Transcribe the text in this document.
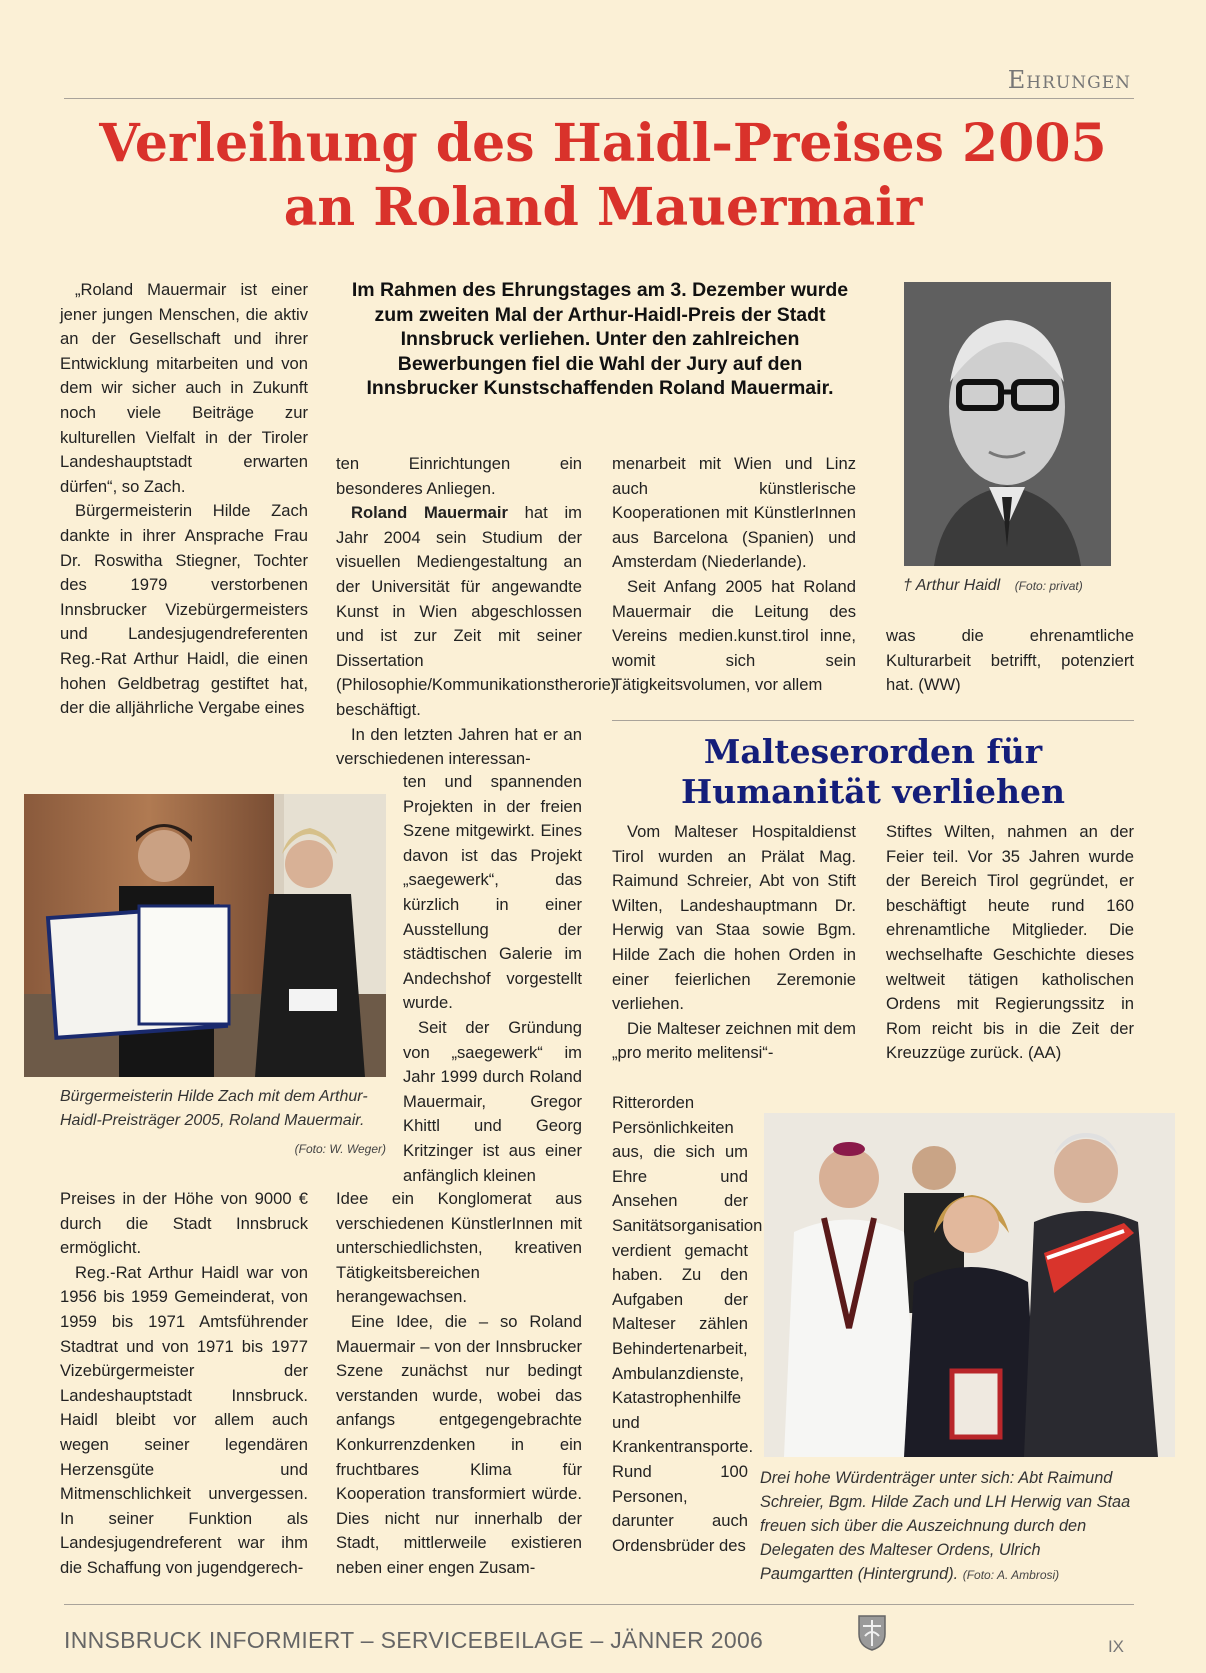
Ehrungen
Verleihung des Haidl-Preises 2005
an Roland Mauermair
Im Rahmen des Ehrungstages am 3. Dezember wurde zum zweiten Mal der Arthur-Haidl-Preis der Stadt Innsbruck verliehen. Unter den zahlreichen Bewerbungen fiel die Wahl der Jury auf den Innsbrucker Kunstschaffenden Roland Mauermair.

„Roland Mauermair ist einer jener jungen Menschen, die aktiv an der Gesellschaft und ihrer Entwicklung mitarbeiten und von dem wir sicher auch in Zukunft noch viele Beiträge zur kulturellen Vielfalt in der Tiroler Landeshauptstadt erwarten dürfen“, so Zach.

Bürgermeisterin Hilde Zach dankte in ihrer Ansprache Frau Dr. Roswitha Stiegner, Tochter des 1979 verstorbenen Innsbrucker Vizebürgermeisters und Landesjugendreferenten Reg.-Rat Arthur Haidl, die einen hohen Geldbetrag gestiftet hat, der die alljährliche Vergabe eines

Bürgermeisterin Hilde Zach mit dem Arthur-Haidl-Preisträger 2005, Roland Mauermair.
(Foto: W. Weger)

Preises in der Höhe von 9000 € durch die Stadt Innsbruck ermöglicht.

Reg.-Rat Arthur Haidl war von 1956 bis 1959 Gemeinderat, von 1959 bis 1971 Amtsführender Stadtrat und von 1971 bis 1977 Vizebürgermeister der Landeshauptstadt Innsbruck. Haidl bleibt vor allem auch wegen seiner legendären Herzensgüte und Mitmenschlichkeit unvergessen. In seiner Funktion als Landesjugendreferent war ihm die Schaffung von jugendgerech-

ten Einrichtungen ein besonderes Anliegen.

Roland Mauermair hat im Jahr 2004 sein Studium der visuellen Mediengestaltung an der Universität für angewandte Kunst in Wien abgeschlossen und ist zur Zeit mit seiner Dissertation (Philosophie/Kommunikationstherorie) beschäftigt.

In den letzten Jahren hat er an verschiedenen interessan-

ten und spannenden Projekten in der freien Szene mitgewirkt. Eines davon ist das Projekt „saegewerk“, das kürzlich in einer Ausstellung der städtischen Galerie im Andechshof vorgestellt wurde.

Seit der Gründung von „saegewerk“ im Jahr 1999 durch Roland Mauermair, Gregor Khittl und Georg Kritzinger ist aus einer anfänglich kleinen

Idee ein Konglomerat aus verschiedenen KünstlerInnen mit unterschiedlichsten, kreativen Tätigkeitsbereichen herangewachsen.

Eine Idee, die – so Roland Mauermair – von der Innsbrucker Szene zunächst nur bedingt verstanden wurde, wobei das anfangs entgegengebrachte Konkurrenzdenken in ein fruchtbares Klima für Kooperation transformiert würde. Dies nicht nur innerhalb der Stadt, mittlerweile existieren neben einer engen Zusam-

menarbeit mit Wien und Linz auch künstlerische Kooperationen mit KünstlerInnen aus Barcelona (Spanien) und Amsterdam (Niederlande).

Seit Anfang 2005 hat Roland Mauermair die Leitung des Vereins medien.kunst.tirol inne, womit sich sein Tätigkeitsvolumen, vor allem

† Arthur Haidl (Foto: privat)

was die ehrenamtliche Kulturarbeit betrifft, potenziert hat. (WW)

Malteserorden für Humanität verliehen

Vom Malteser Hospitaldienst Tirol wurden an Prälat Mag. Raimund Schreier, Abt von Stift Wilten, Landeshauptmann Dr. Herwig van Staa sowie Bgm. Hilde Zach die hohen Orden in einer feierlichen Zeremonie verliehen.

Die Malteser zeichnen mit dem „pro merito melitensi“-

Ritterorden Persönlichkeiten aus, die sich um Ehre und Ansehen der Sanitätsorganisation verdient gemacht haben. Zu den Aufgaben der Malteser zählen Behindertenarbeit, Ambulanzdienste, Katastrophenhilfe und Krankentransporte. Rund 100 Personen, darunter auch Ordensbrüder des

Stiftes Wilten, nahmen an der Feier teil. Vor 35 Jahren wurde der Bereich Tirol gegründet, er beschäftigt heute rund 160 ehrenamtliche Mitglieder. Die wechselhafte Geschichte dieses weltweit tätigen katholischen Ordens mit Regierungssitz in Rom reicht bis in die Zeit der Kreuzzüge zurück. (AA)

Drei hohe Würdenträger unter sich: Abt Raimund Schreier, Bgm. Hilde Zach und LH Herwig van Staa freuen sich über die Auszeichnung durch den Delegaten des Malteser Ordens, Ulrich Paumgartten (Hintergrund). (Foto: A. Ambrosi)
INNSBRUCK INFORMIERT – SERVICEBEILAGE – JÄNNER 2006	IX
